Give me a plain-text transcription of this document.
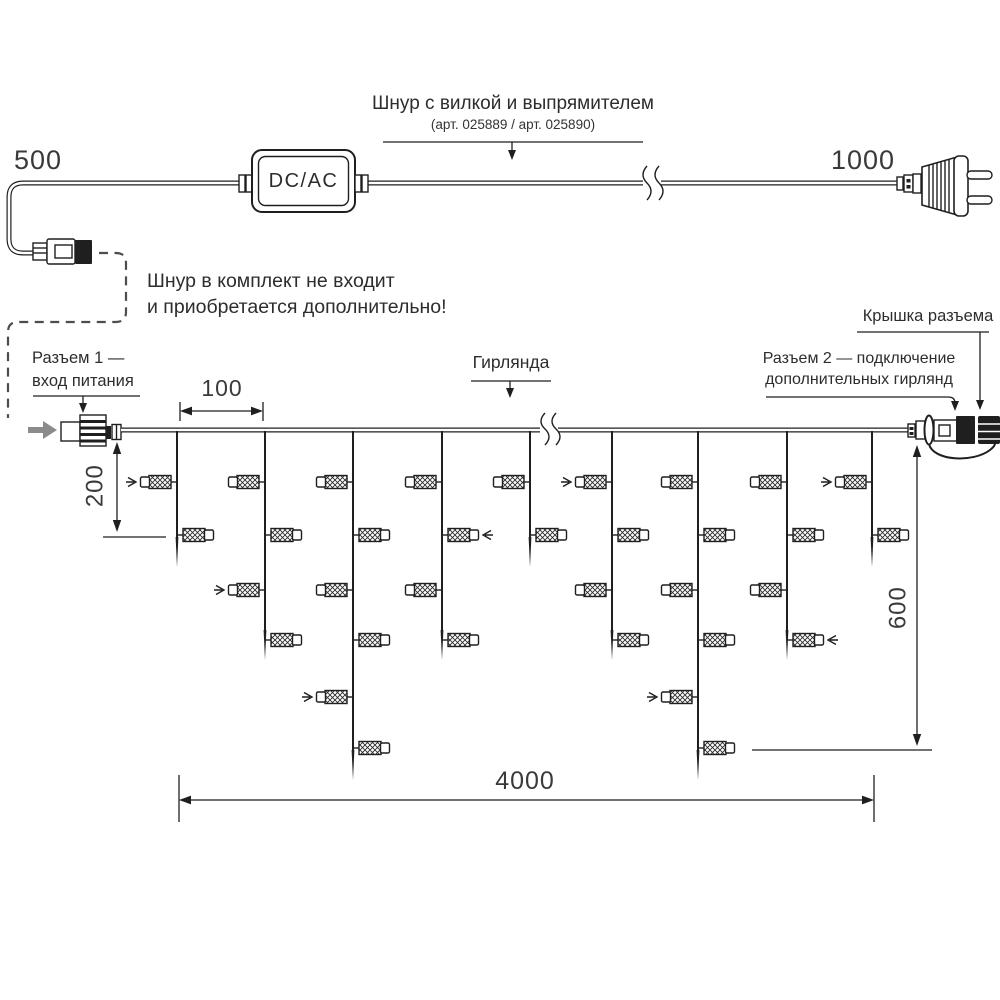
500	1000
Шнур с вилкой и выпрямителем
(арт. 025889 / арт. 025890)
Шнур в комплект не входит
и приобретается дополнительно!
DC/AC
Разъем 1 —
вход питания	100
200
600
4000
Гирлянда	Разъем 2 — подключение
дополнительных гирлянд
Крышка разъема
